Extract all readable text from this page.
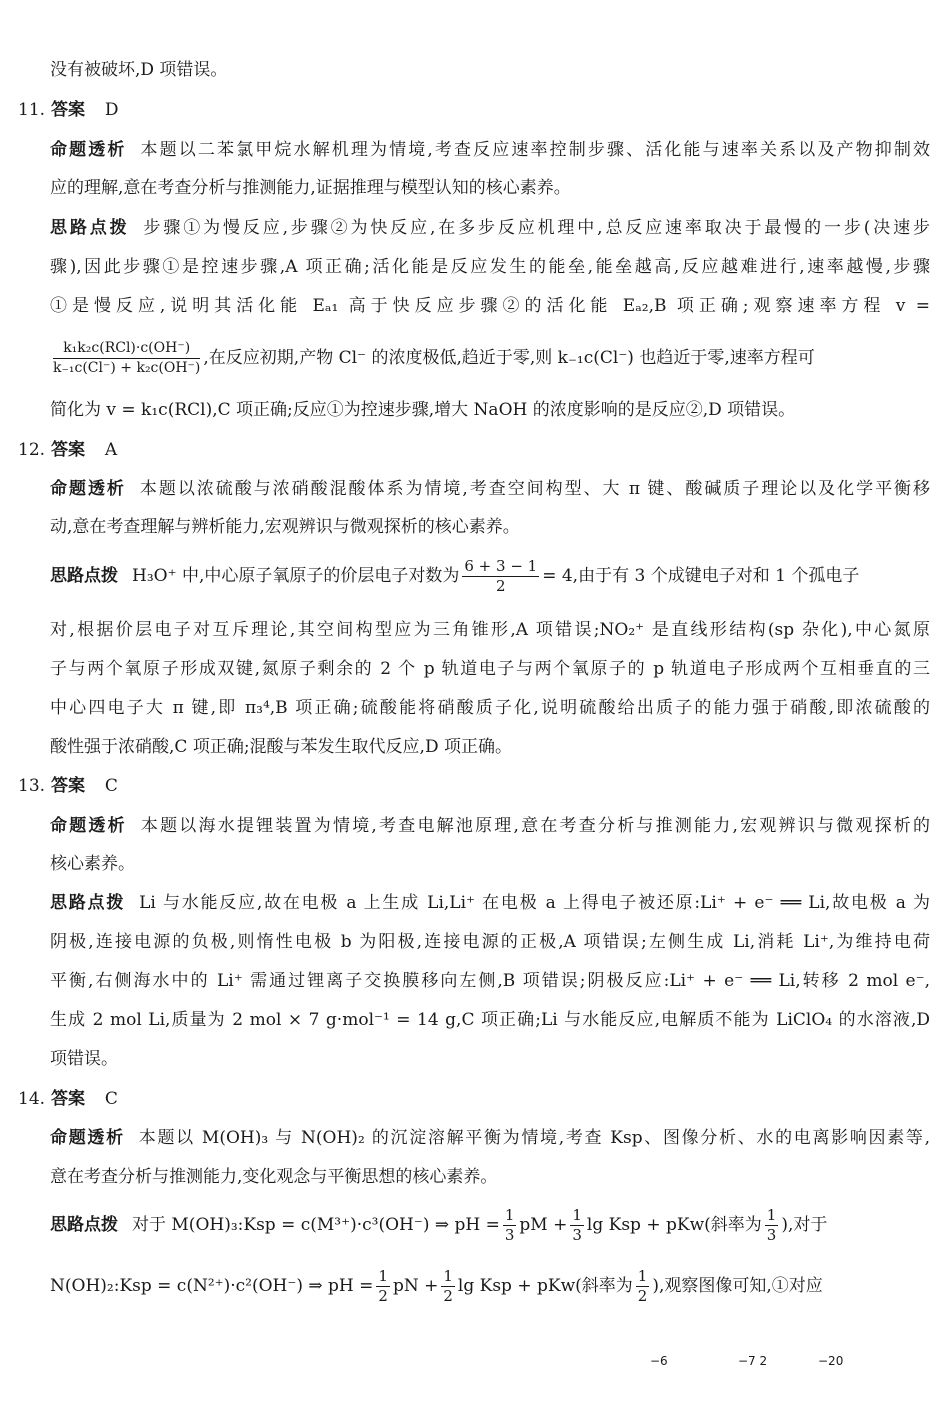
没有被破坏,D 项错误。
11. 答案 D
命题透析 本题以二苯氯甲烷水解机理为情境,考查反应速率控制步骤、活化能与速率关系以及产物抑制效
应的理解,意在考查分析与推测能力,证据推理与模型认知的核心素养。
思路点拨 步骤①为慢反应,步骤②为快反应,在多步反应机理中,总反应速率取决于最慢的一步(决速步
骤),因此步骤①是控速步骤,A 项正确;活化能是反应发生的能垒,能垒越高,反应越难进行,速率越慢,步骤
①是慢反应,说明其活化能 Eₐ₁ 高于快反应步骤②的活化能 Eₐ₂,B 项正确;观察速率方程 v =
$\frac{\text{k₁k₂c(RCl)·c(OH⁻)}}{\text{k₋₁c(Cl⁻) + k₂c(OH⁻)}}$ ,在反应初期,产物 Cl⁻ 的浓度极低,趋近于零,则 k₋₁c(Cl⁻) 也趋近于零,速率方程可
简化为 v = k₁c(RCl),C 项正确;反应①为控速步骤,增大 NaOH 的浓度影响的是反应②,D 项错误。
12. 答案 A
命题透析 本题以浓硫酸与浓硝酸混酸体系为情境,考查空间构型、大 π 键、酸碱质子理论以及化学平衡移
动,意在考查理解与辨析能力,宏观辨识与微观探析的核心素养。
思路点拨 H₃O⁺ 中,中心原子氧原子的价层电子对数为 $\frac{6 + 3 - 1}{2} = 4$,由于有 3 个成键电子对和 1 个孤电子
对,根据价层电子对互斥理论,其空间构型应为三角锥形,A 项错误;NO₂⁺ 是直线形结构(sp 杂化),中心氮原
子与两个氧原子形成双键,氮原子剩余的 2 个 p 轨道电子与两个氧原子的 p 轨道电子形成两个互相垂直的三
中心四电子大 π 键,即 π₃⁴,B 项正确;硫酸能将硝酸质子化,说明硫酸给出质子的能力强于硝酸,即浓硫酸的
酸性强于浓硝酸,C 项正确;混酸与苯发生取代反应,D 项正确。
13. 答案 C
命题透析 本题以海水提锂装置为情境,考查电解池原理,意在考查分析与推测能力,宏观辨识与微观探析的
核心素养。
思路点拨 Li 与水能反应,故在电极 a 上生成 Li,Li⁺ 在电极 a 上得电子被还原:Li⁺ + e⁻ ══ Li,故电极 a 为
阴极,连接电源的负极,则惰性电极 b 为阳极,连接电源的正极,A 项错误;左侧生成 Li,消耗 Li⁺,为维持电荷
平衡,右侧海水中的 Li⁺ 需通过锂离子交换膜移向左侧,B 项错误;阴极反应:Li⁺ + e⁻ ══ Li,转移 2 mol e⁻,
生成 2 mol Li,质量为 2 mol × 7 g·mol⁻¹ = 14 g,C 项正确;Li 与水能反应,电解质不能为 LiClO₄ 的水溶液,D
项错误。
14. 答案 C
命题透析 本题以 M(OH)₃ 与 N(OH)₂ 的沉淀溶解平衡为情境,考查 Ksp、图像分析、水的电离影响因素等,
意在考查分析与推测能力,变化观念与平衡思想的核心素养。
思路点拨 对于 M(OH)₃:Ksp = c(M³⁺)·c³(OH⁻) ⇒ pH = $\frac{1}{3}$ pM + $\frac{1}{3}$ lg Ksp + pKw(斜率为 $\frac{1}{3}$ ),对于
N(OH)₂:Ksp = c(N²⁺)·c²(OH⁻) ⇒ pH = $\frac{1}{2}$ pN + $\frac{1}{2}$ lg Ksp + pKw(斜率为 $\frac{1}{2}$ ),观察图像可知,①对应
−6	−7 2	−20
